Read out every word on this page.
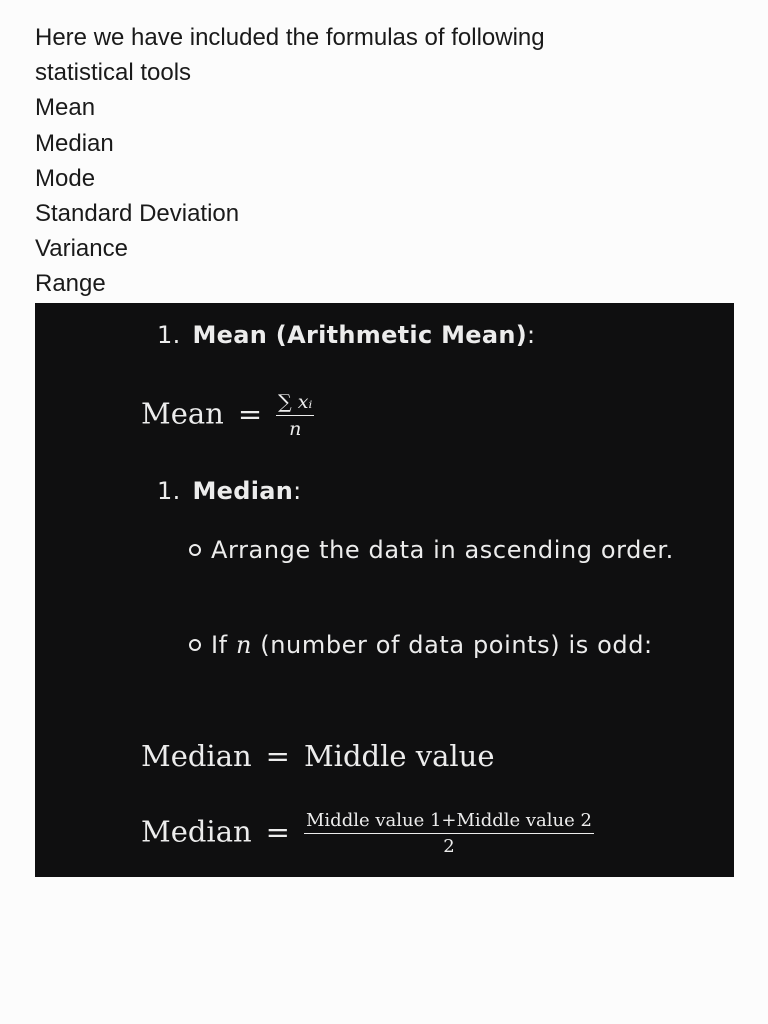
Here we have included the formulas of following
statistical tools
Mean
Median
Mode
Standard Deviation
Variance
Range
1. Mean (Arithmetic Mean):
Mean = $\frac{\text{∑ xᵢ}}{n}$
1. Median:
Arrange the data in ascending order.
If n (number of data points) is odd:
Median = Middle value
Median = $\frac{\text{Middle value 1+Middle value 2}}{2}$
